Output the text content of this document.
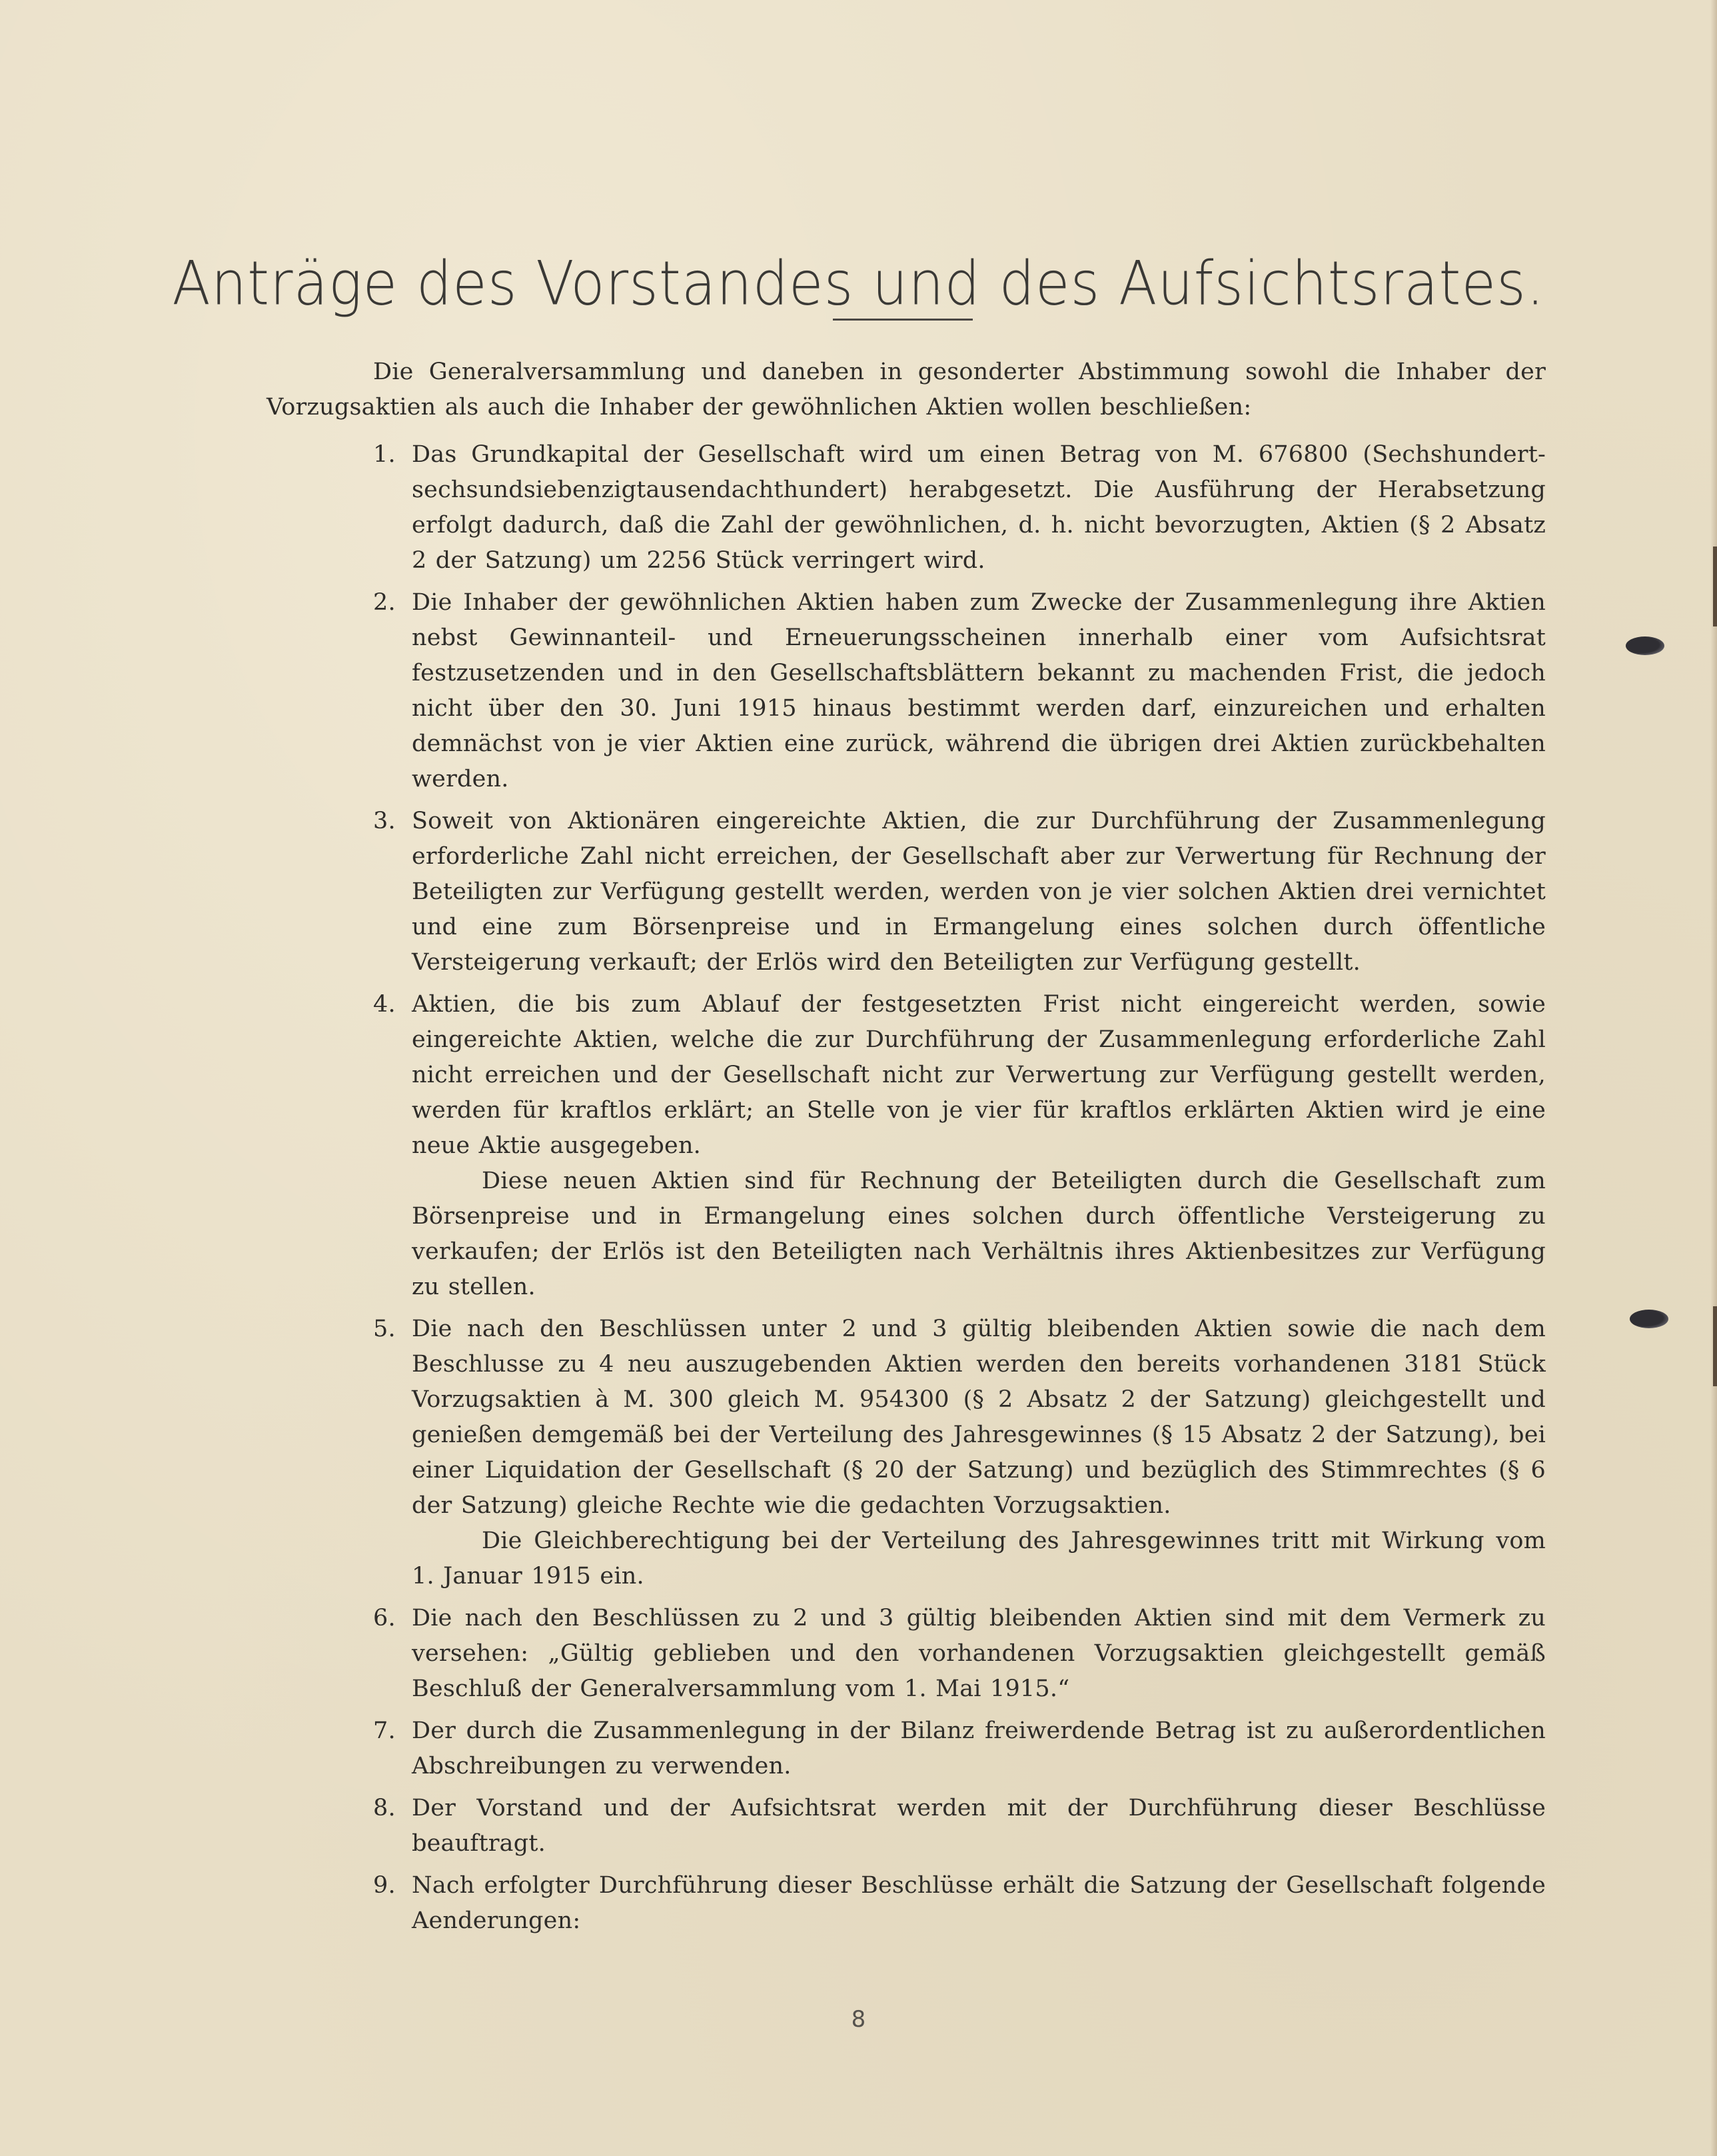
Anträge des Vorstandes und des Aufsichtsrates.

Die Generalversammlung und daneben in gesonderter Abstimmung sowohl die Inhaber der Vorzugsaktien als auch die Inhaber der gewöhnlichen Aktien wollen beschließen:

1. Das Grundkapital der Gesellschaft wird um einen Betrag von M. 676800 (Sechshundert-sechsundsiebenzigtausendachthundert) herabgesetzt. Die Ausführung der Herabsetzung erfolgt dadurch, daß die Zahl der gewöhnlichen, d. h. nicht bevorzugten, Aktien (§ 2 Absatz 2 der Satzung) um 2256 Stück verringert wird.
2. Die Inhaber der gewöhnlichen Aktien haben zum Zwecke der Zusammenlegung ihre Aktien nebst Gewinnanteil- und Erneuerungsscheinen innerhalb einer vom Aufsichtsrat festzusetzenden und in den Gesellschaftsblättern bekannt zu machenden Frist, die jedoch nicht über den 30. Juni 1915 hinaus bestimmt werden darf, einzureichen und erhalten demnächst von je vier Aktien eine zurück, während die übrigen drei Aktien zurückbehalten werden.
3. Soweit von Aktionären eingereichte Aktien, die zur Durchführung der Zusammenlegung erforderliche Zahl nicht erreichen, der Gesellschaft aber zur Verwertung für Rechnung der Beteiligten zur Verfügung gestellt werden, werden von je vier solchen Aktien drei vernichtet und eine zum Börsenpreise und in Ermangelung eines solchen durch öffentliche Versteigerung verkauft; der Erlös wird den Beteiligten zur Verfügung gestellt.
4. Aktien, die bis zum Ablauf der festgesetzten Frist nicht eingereicht werden, sowie eingereichte Aktien, welche die zur Durchführung der Zusammenlegung erforderliche Zahl nicht erreichen und der Gesellschaft nicht zur Verwertung zur Verfügung gestellt werden, werden für kraftlos erklärt; an Stelle von je vier für kraftlos erklärten Aktien wird je eine neue Aktie ausgegeben.
Diese neuen Aktien sind für Rechnung der Beteiligten durch die Gesellschaft zum Börsenpreise und in Ermangelung eines solchen durch öffentliche Versteigerung zu verkaufen; der Erlös ist den Beteiligten nach Verhältnis ihres Aktienbesitzes zur Verfügung zu stellen.
5. Die nach den Beschlüssen unter 2 und 3 gültig bleibenden Aktien sowie die nach dem Beschlusse zu 4 neu auszugebenden Aktien werden den bereits vorhandenen 3181 Stück Vorzugsaktien à M. 300 gleich M. 954300 (§ 2 Absatz 2 der Satzung) gleichgestellt und genießen demgemäß bei der Verteilung des Jahresgewinnes (§ 15 Absatz 2 der Satzung), bei einer Liquidation der Gesellschaft (§ 20 der Satzung) und bezüglich des Stimmrechtes (§ 6 der Satzung) gleiche Rechte wie die gedachten Vorzugsaktien.
Die Gleichberechtigung bei der Verteilung des Jahresgewinnes tritt mit Wirkung vom 1. Januar 1915 ein.
6. Die nach den Beschlüssen zu 2 und 3 gültig bleibenden Aktien sind mit dem Vermerk zu versehen: „Gültig geblieben und den vorhandenen Vorzugsaktien gleichgestellt gemäß Beschluß der Generalversammlung vom 1. Mai 1915.“
7. Der durch die Zusammenlegung in der Bilanz freiwerdende Betrag ist zu außerordentlichen Abschreibungen zu verwenden.
8. Der Vorstand und der Aufsichtsrat werden mit der Durchführung dieser Beschlüsse beauftragt.
9. Nach erfolgter Durchführung dieser Beschlüsse erhält die Satzung der Gesellschaft folgende Aenderungen:
8
